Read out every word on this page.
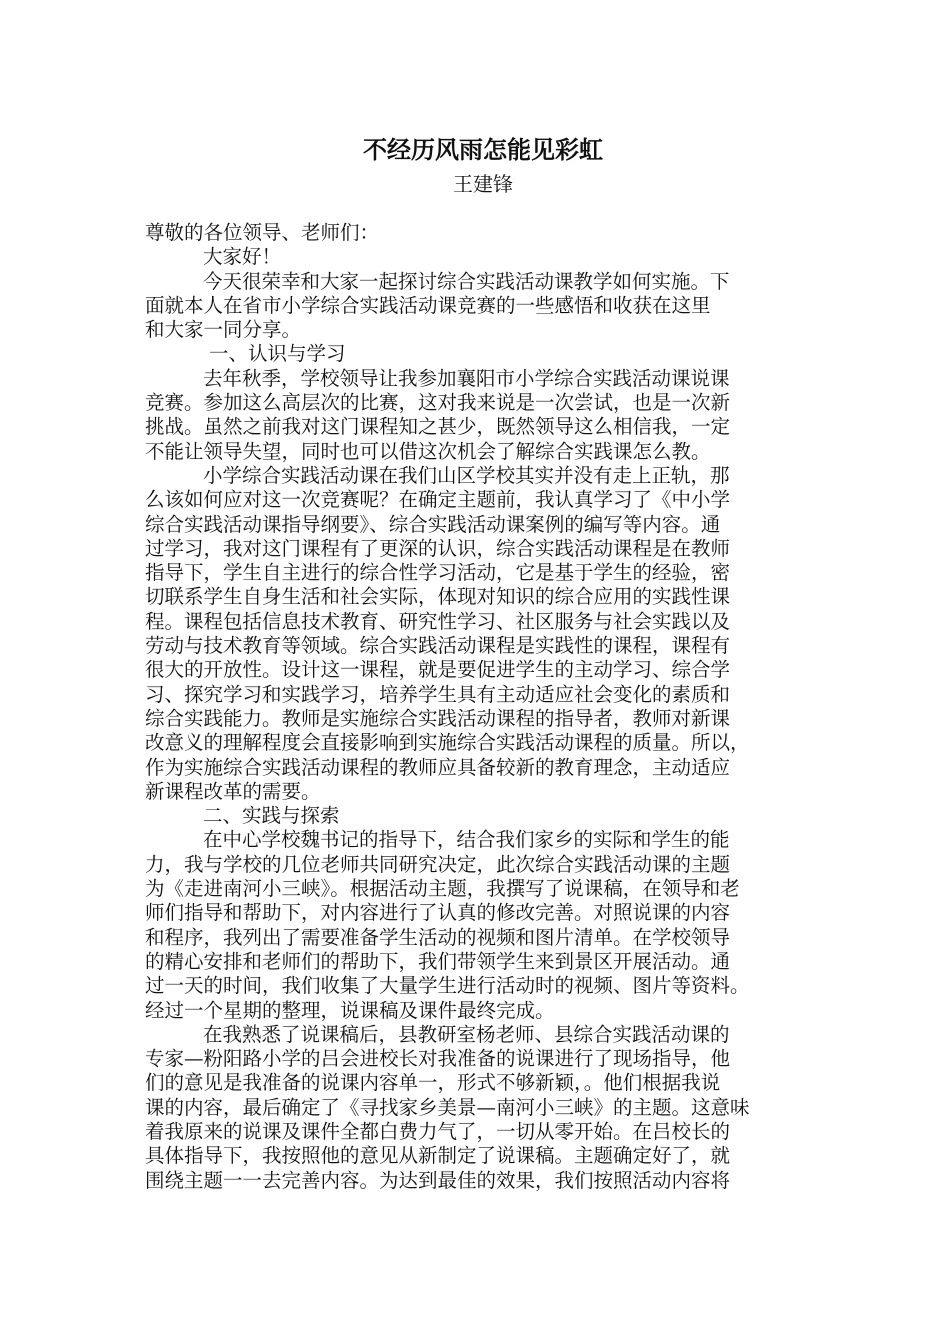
不经历风雨怎能见彩虹
王建锋
尊敬的各位领导、老师们：
大家好！
今天很荣幸和大家一起探讨综合实践活动课教学如何实施。下
面就本人在省市小学综合实践活动课竞赛的一些感悟和收获在这里
和大家一同分享。
一、认识与学习
去年秋季，学校领导让我参加襄阳市小学综合实践活动课说课
竞赛。参加这么高层次的比赛，这对我来说是一次尝试，也是一次新
挑战。虽然之前我对这门课程知之甚少，既然领导这么相信我，一定
不能让领导失望，同时也可以借这次机会了解综合实践课怎么教。
小学综合实践活动课在我们山区学校其实并没有走上正轨，那
么该如何应对这一次竞赛呢？在确定主题前，我认真学习了《中小学
综合实践活动课指导纲要》、综合实践活动课案例的编写等内容。通
过学习，我对这门课程有了更深的认识，综合实践活动课程是在教师
指导下，学生自主进行的综合性学习活动，它是基于学生的经验，密
切联系学生自身生活和社会实际，体现对知识的综合应用的实践性课
程。课程包括信息技术教育、研究性学习、社区服务与社会实践以及
劳动与技术教育等领域。综合实践活动课程是实践性的课程，课程有
很大的开放性。设计这一课程，就是要促进学生的主动学习、综合学
习、探究学习和实践学习，培养学生具有主动适应社会变化的素质和
综合实践能力。教师是实施综合实践活动课程的指导者，教师对新课
改意义的理解程度会直接影响到实施综合实践活动课程的质量。所以，
作为实施综合实践活动课程的教师应具备较新的教育理念，主动适应
新课程改革的需要。
二、实践与探索
在中心学校魏书记的指导下，结合我们家乡的实际和学生的能
力，我与学校的几位老师共同研究决定，此次综合实践活动课的主题
为《走进南河小三峡》。根据活动主题，我撰写了说课稿，在领导和老
师们指导和帮助下，对内容进行了认真的修改完善。对照说课的内容
和程序，我列出了需要准备学生活动的视频和图片清单。在学校领导
的精心安排和老师们的帮助下，我们带领学生来到景区开展活动。通
过一天的时间，我们收集了大量学生进行活动时的视频、图片等资料。
经过一个星期的整理，说课稿及课件最终完成。
在我熟悉了说课稿后，县教研室杨老师、县综合实践活动课的
专家—粉阳路小学的吕会进校长对我准备的说课进行了现场指导，他
们的意见是我准备的说课内容单一，形式不够新颖，。他们根据我说
课的内容，最后确定了《寻找家乡美景—南河小三峡》的主题。这意味
着我原来的说课及课件全都白费力气了，一切从零开始。在吕校长的
具体指导下，我按照他的意见从新制定了说课稿。主题确定好了，就
围绕主题一一去完善内容。为达到最佳的效果，我们按照活动内容将
